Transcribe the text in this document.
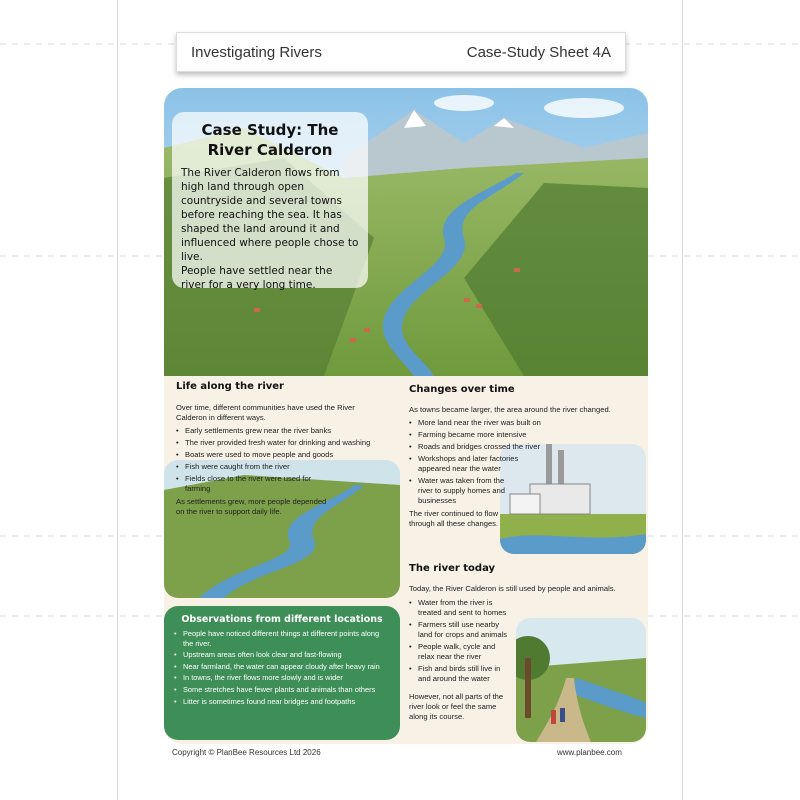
Investigating Rivers	Case-Study Sheet 4A
Case Study: The River Calderon
The River Calderon flows from high land through open countryside and several towns before reaching the sea. It has shaped the land around it and influenced where people chose to live.
People have settled near the river for a very long time.
Life along the river
Over time, different communities have used the River Calderon in different ways.
• Early settlements grew near the river banks
• The river provided fresh water for drinking and washing
• Boats were used to move people and goods
• Fish were caught from the river
• Fields close to the river were used for farming
As settlements grew, more people depended on the river to support daily life.
Changes over time
As towns became larger, the area around the river changed.
• More land near the river was built on
• Farming became more intensive
• Roads and bridges crossed the river
• Workshops and later factories appeared near the water
• Water was taken from the river to supply homes and businesses
The river continued to flow through all these changes.
The river today
Today, the River Calderon is still used by people and animals.
• Water from the river is treated and sent to homes
• Farmers still use nearby land for crops and animals
• People walk, cycle and relax near the river
• Fish and birds still live in and around the water
However, not all parts of the river look or feel the same along its course.
Observations from different locations
• People have noticed different things at different points along the river.
• Upstream areas often look clear and fast-flowing
• Near farmland, the water can appear cloudy after heavy rain
• In towns, the river flows more slowly and is wider
• Some stretches have fewer plants and animals than others
• Litter is sometimes found near bridges and footpaths
Copyright © PlanBee Resources Ltd 2026	www.planbee.com
